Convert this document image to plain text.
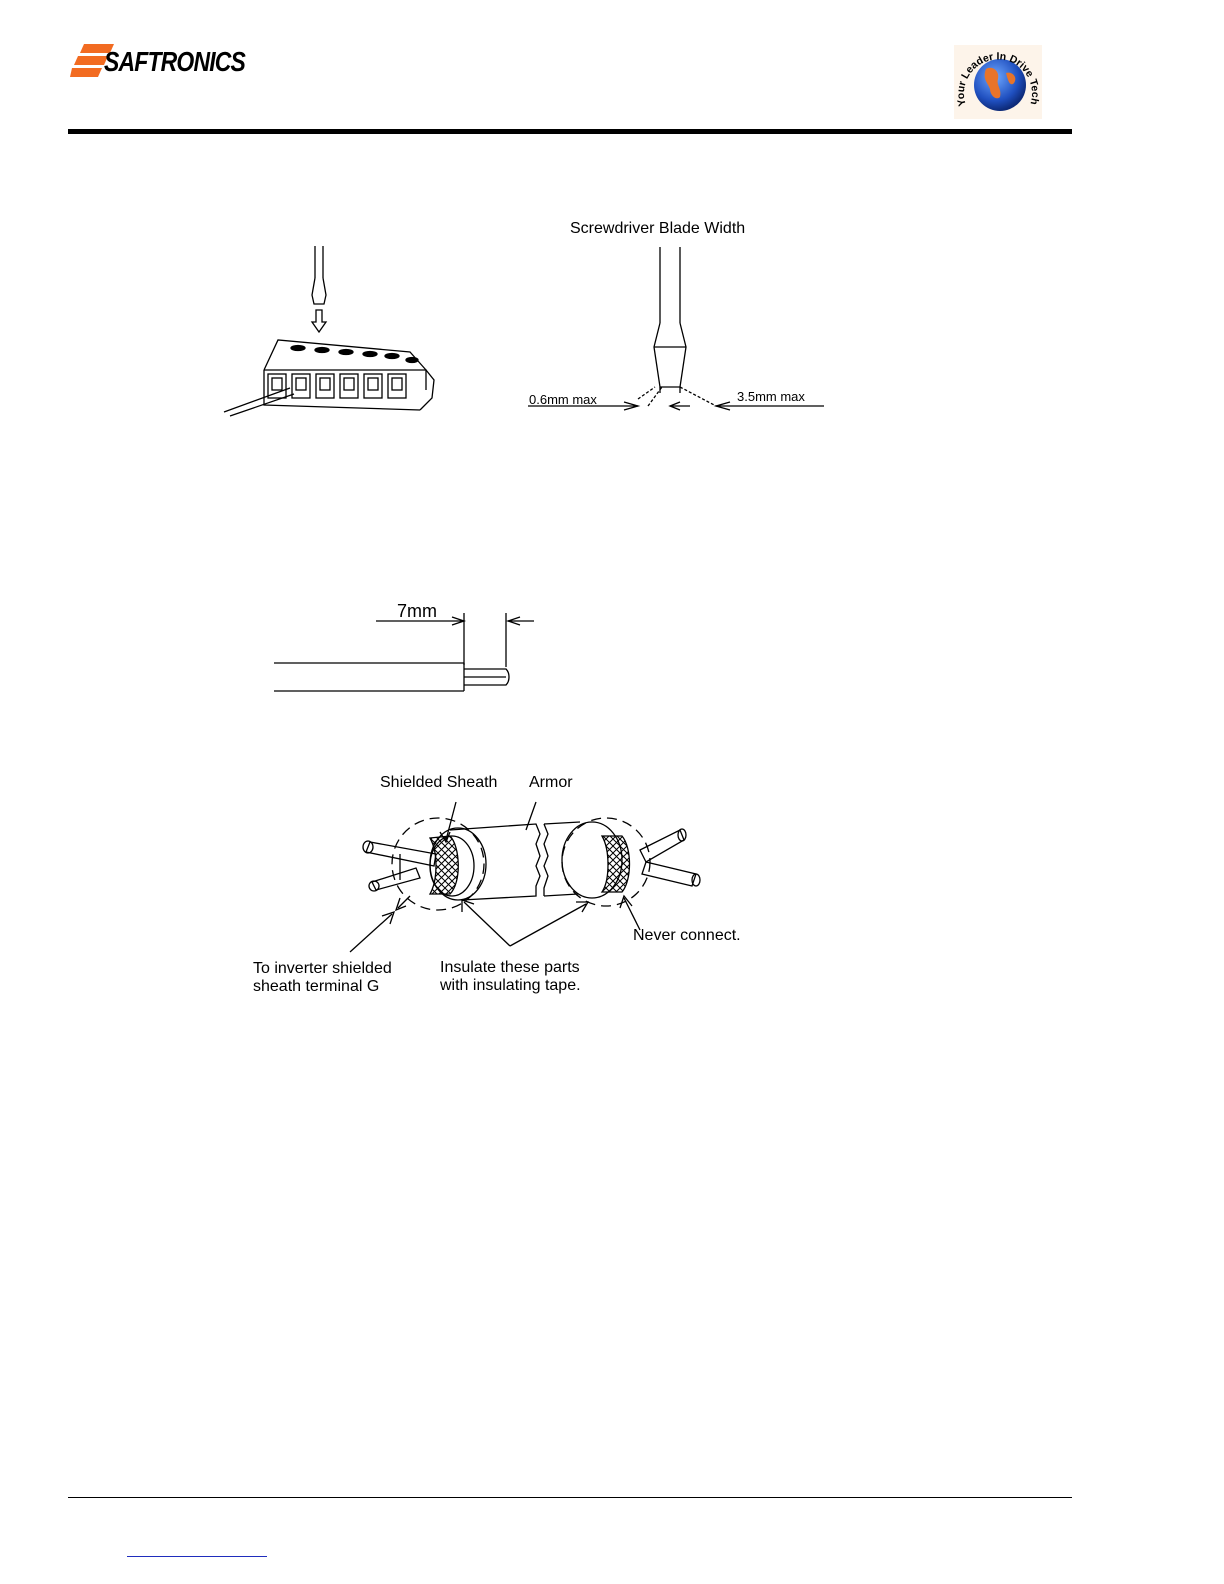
SAFTRONICS
Your Leader In Drive Technology
Screwdriver Blade Width
0.6mm max	3.5mm max
7mm
Shielded Sheath Armor
Never connect.
To inverter shielded
sheath terminal G
Insulate these parts
with insulating tape.
